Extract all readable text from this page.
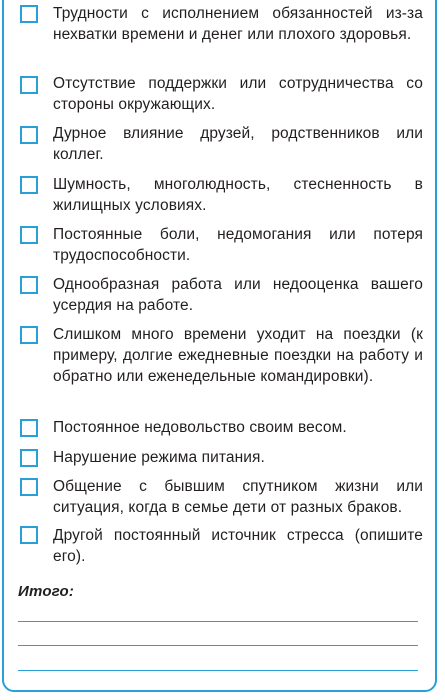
Трудности с исполнением обязанностей из-за нехватки времени и денег или плохого здоровья.
Отсутствие поддержки или сотрудничества со стороны окружающих.
Дурное влияние друзей, родственников или коллег.
Шумность, многолюдность, стесненность в жилищных условиях.
Постоянные боли, недомогания или потеря трудоспособности.
Однообразная работа или недооценка вашего усердия на работе.
Слишком много времени уходит на поездки (к примеру, долгие ежедневные поездки на работу и обратно или еженедельные командировки).
Постоянное недовольство своим весом.
Нарушение режима питания.
Общение с бывшим спутником жизни или ситуация, когда в семье дети от разных браков.
Другой постоянный источник стресса (опишите его).
Итого:
